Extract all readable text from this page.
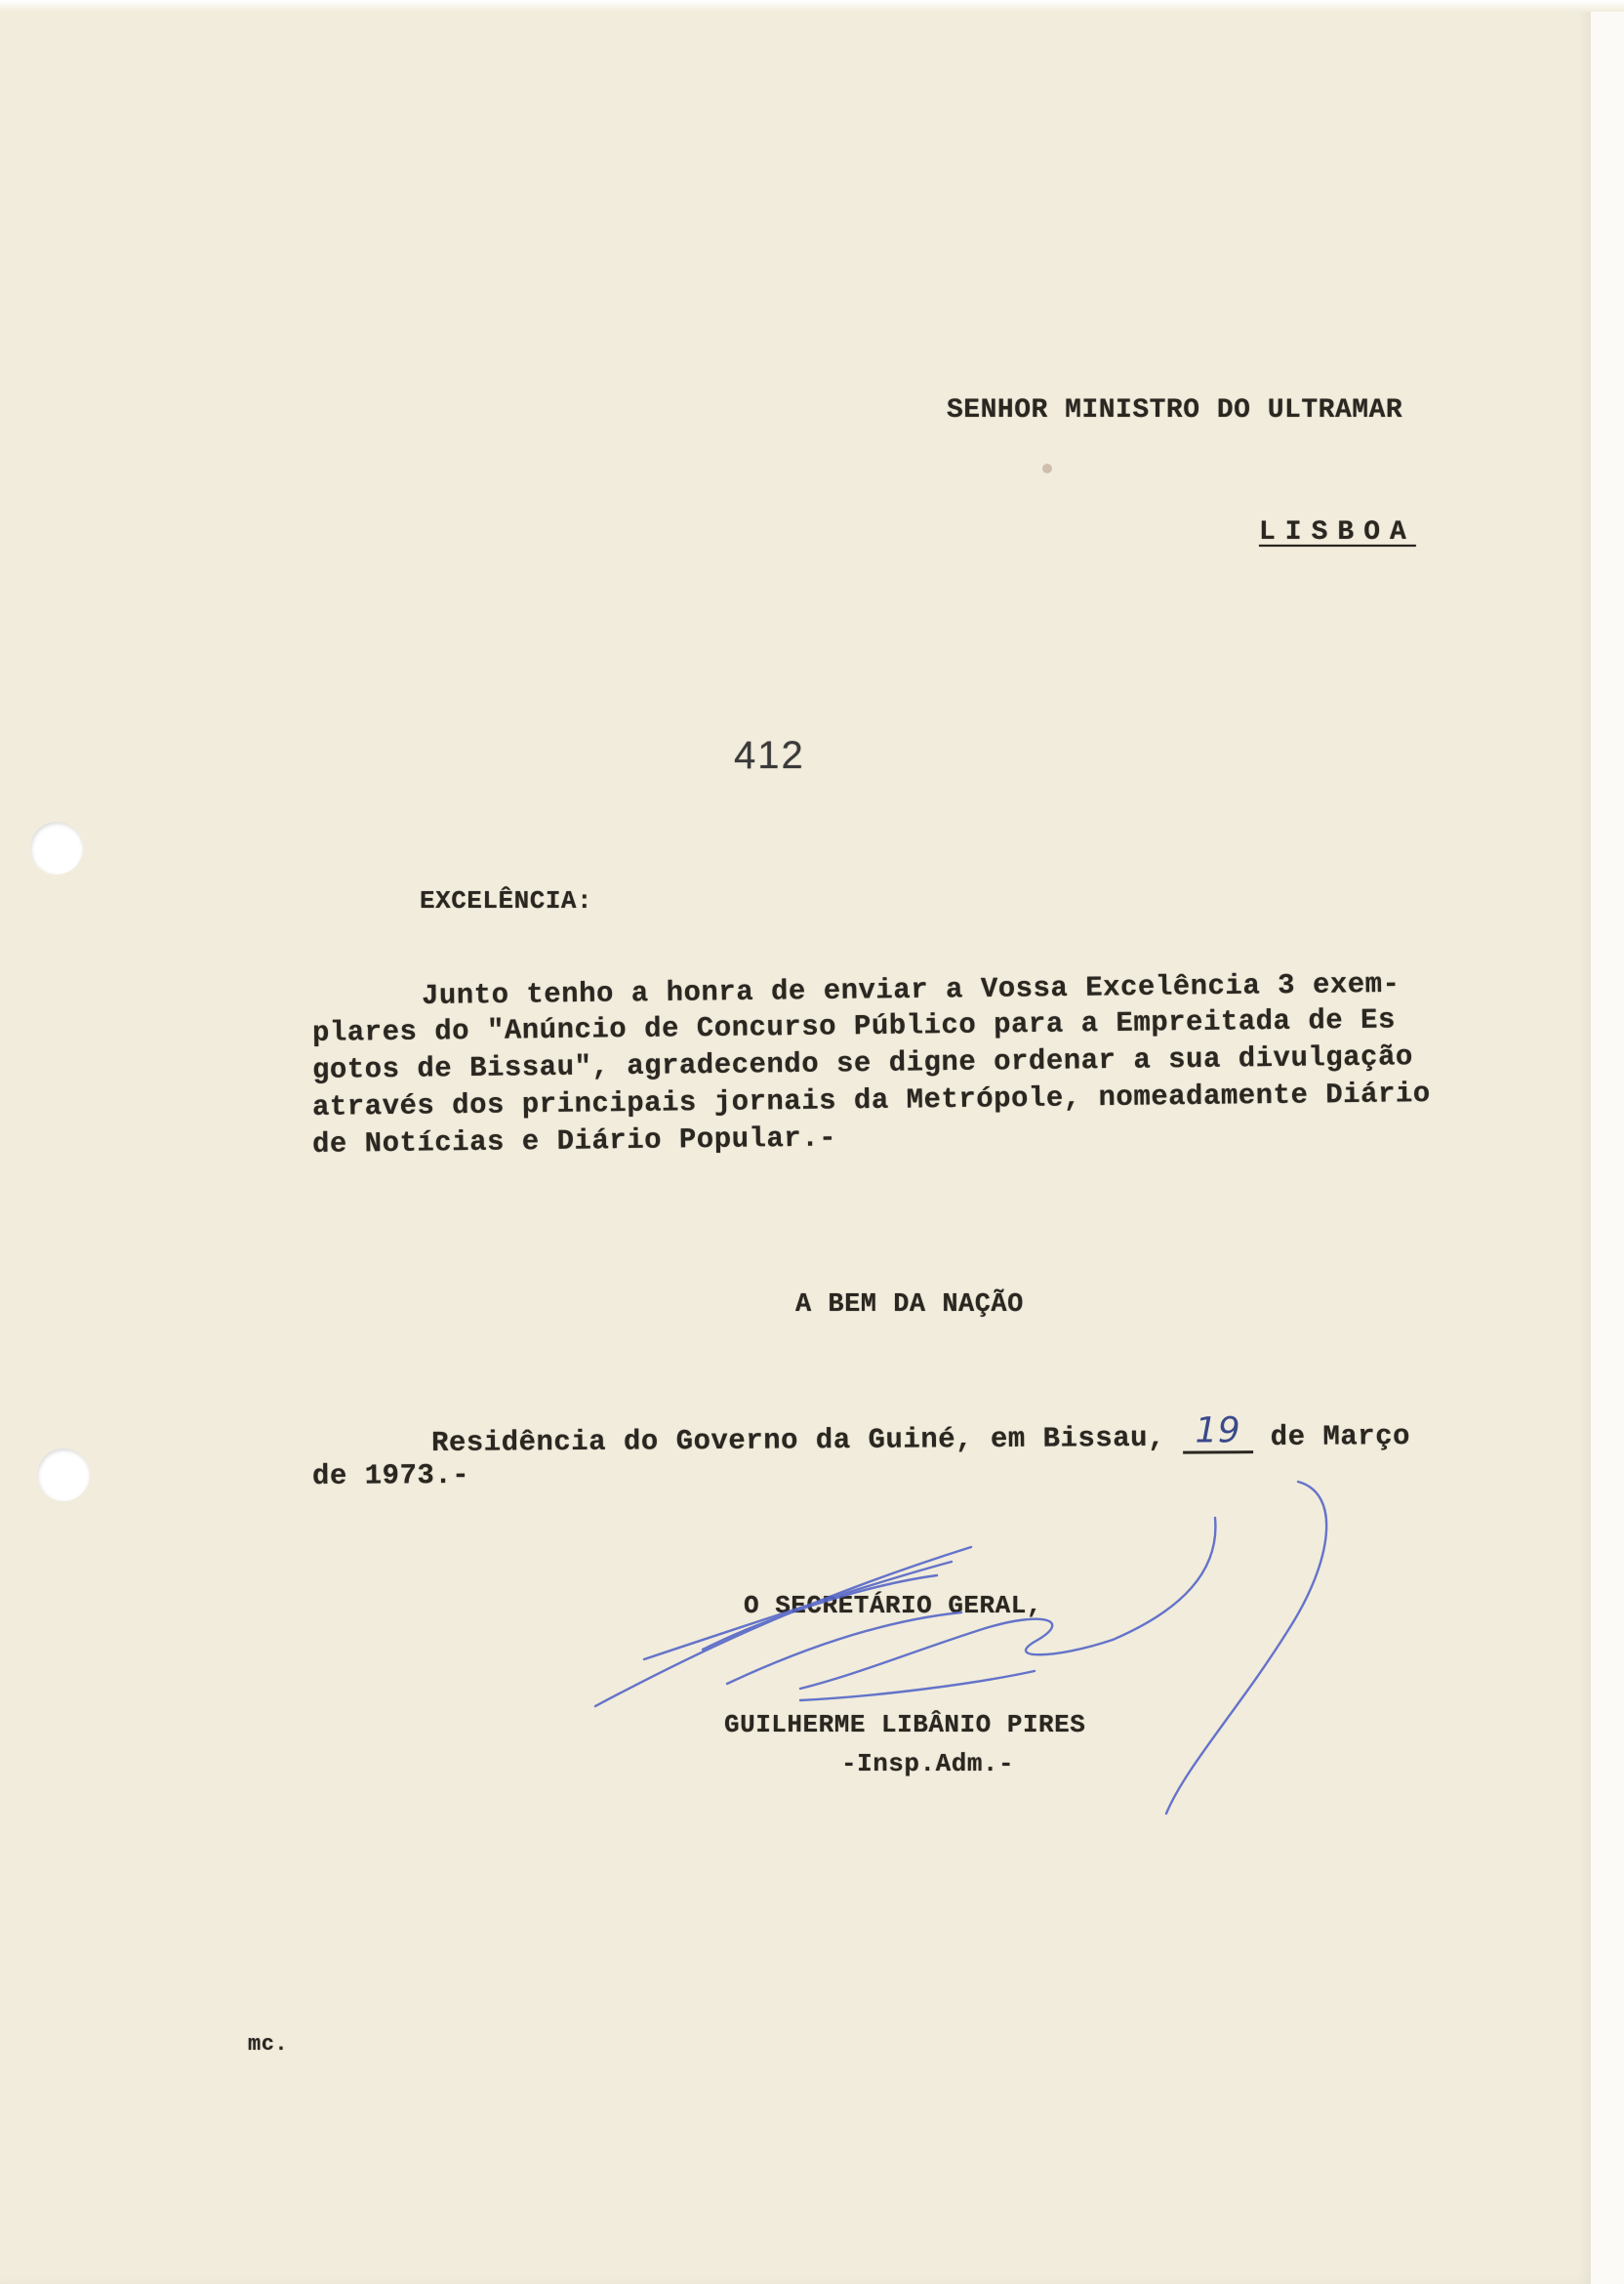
SENHOR MINISTRO DO ULTRAMAR
LISBOA
412
EXCELÊNCIA:
Junto tenho a honra de enviar a Vossa Excelência 3 exem-
plares do "Anúncio de Concurso Público para a Empreitada de Es
gotos de Bissau", agradecendo se digne ordenar a sua divulgação
através dos principais jornais da Metrópole, nomeadamente Diário
de Notícias e Diário Popular.-
A BEM DA NAÇÃO
Residência do Governo da Guiné, em Bissau, 19 de Março
de 1973.-
O SECRETÁRIO GERAL,
GUILHERME LIBÂNIO PIRES
-Insp.Adm.-
mc.
